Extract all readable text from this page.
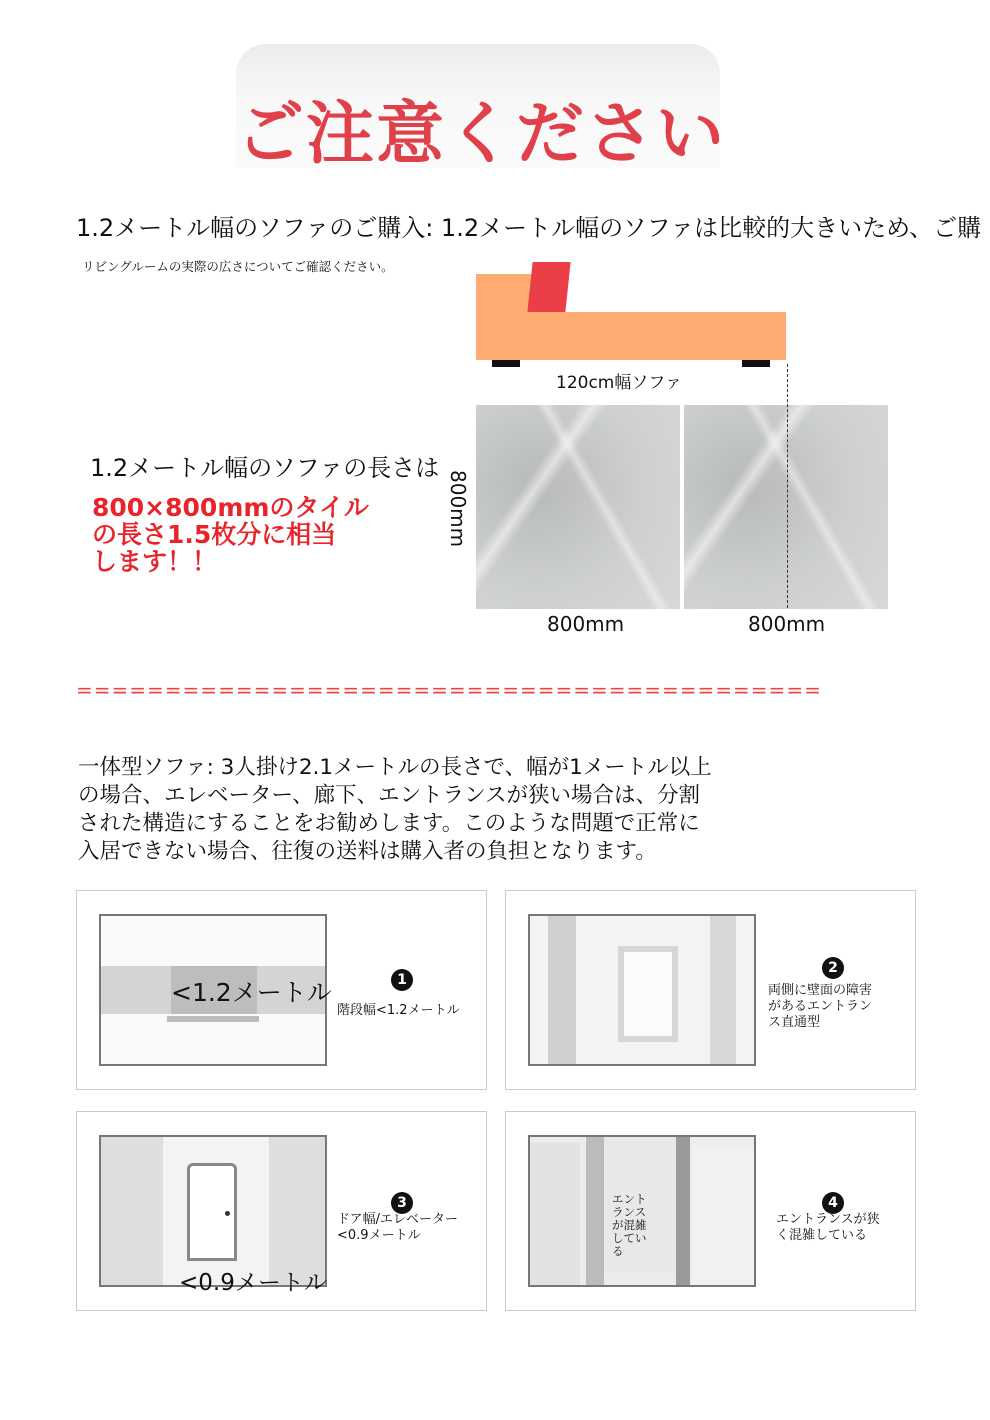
ご注意ください
1.2メートル幅のソファのご購入: 1.2メートル幅のソファは比較的大きいため、ご購
リビングルームの実際の広さについてご確認ください。
120cm幅ソファ
1.2メートル幅のソファの長さは
800×800mmのタイル
の長さ1.5枚分に相当
します！！
800mm
800mm	800mm
==========================================
一体型ソファ: 3人掛け2.1メートルの長さで、幅が1メートル以上
の場合、エレベーター、廊下、エントランスが狭い場合は、分割
された構造にすることをお勧めします。このような問題で正常に
入居できない場合、往復の送料は購入者の負担となります。
<1.2メートル	1
階段幅<1.2メートル
2
両側に壁面の障害
があるエントラン
ス直通型
<0.9メートル
3
ドア幅/エレベーター
<0.9メートル
エントランスが混雑している
4
エントランスが狭
く混雑している
